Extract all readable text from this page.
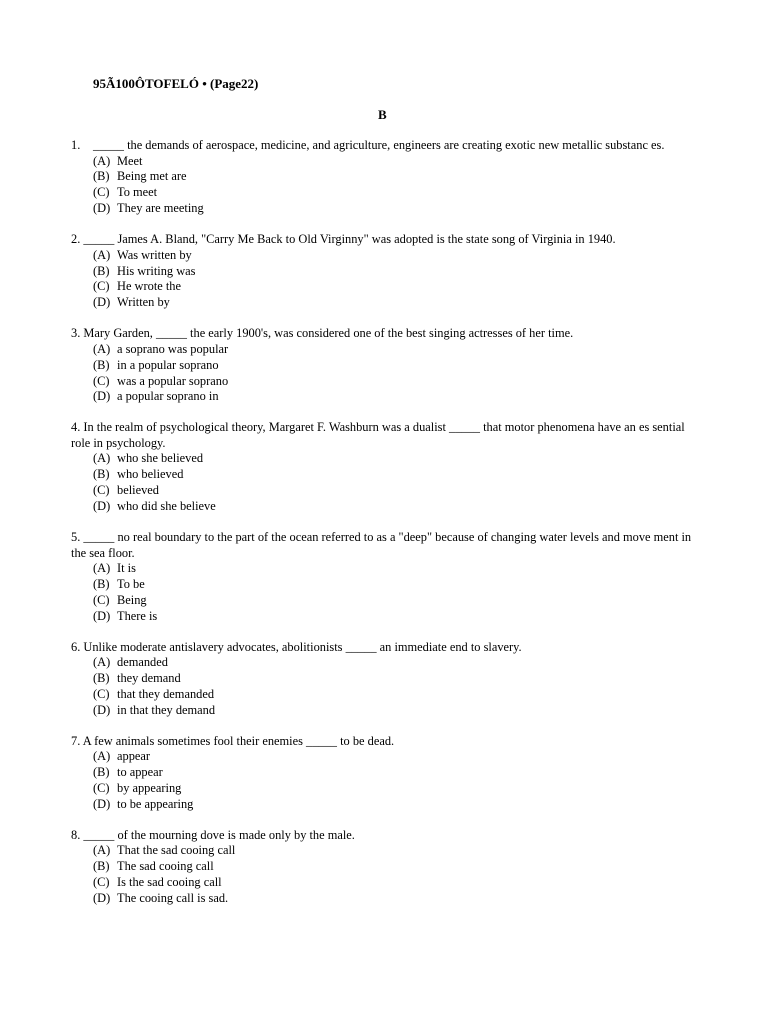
95Ã100ÔTOFELÓ • (Page22)
B

1.	_____ the demands of aerospace, medicine, and agriculture, engineers are creating exotic new metallic substanc es.

(A) Meet
(B) Being met are
(C) To meet
(D) They are meeting

2. _____ James A. Bland, "Carry Me Back to Old Virginny" was adopted is the state song of Virginia in 1940.

(A) Was written by
(B) His writing was
(C) He wrote the
(D) Written by

3. Mary Garden, _____ the early 1900's, was considered one of the best singing actresses of her time.

(A) a soprano was popular
(B) in a popular soprano
(C) was a popular soprano
(D) a popular soprano in

4. In the realm of psychological theory, Margaret F. Washburn was a dualist _____ that motor phenomena have an es sential role in psychology.

(A) who she believed
(B) who believed
(C) believed
(D) who did she believe

5. _____ no real boundary to the part of the ocean referred to as a "deep" because of changing water levels and move ment in the sea floor.

(A) It is
(B) To be
(C) Being
(D) There is

6. Unlike moderate antislavery advocates, abolitionists _____ an immediate end to slavery.

(A) demanded
(B) they demand
(C) that they demanded
(D) in that they demand

7. A few animals sometimes fool their enemies _____ to be dead.

(A) appear
(B) to appear
(C) by appearing
(D) to be appearing

8. _____ of the mourning dove is made only by the male.

(A) That the sad cooing call
(B) The sad cooing call
(C) Is the sad cooing call
(D) The cooing call is sad.
